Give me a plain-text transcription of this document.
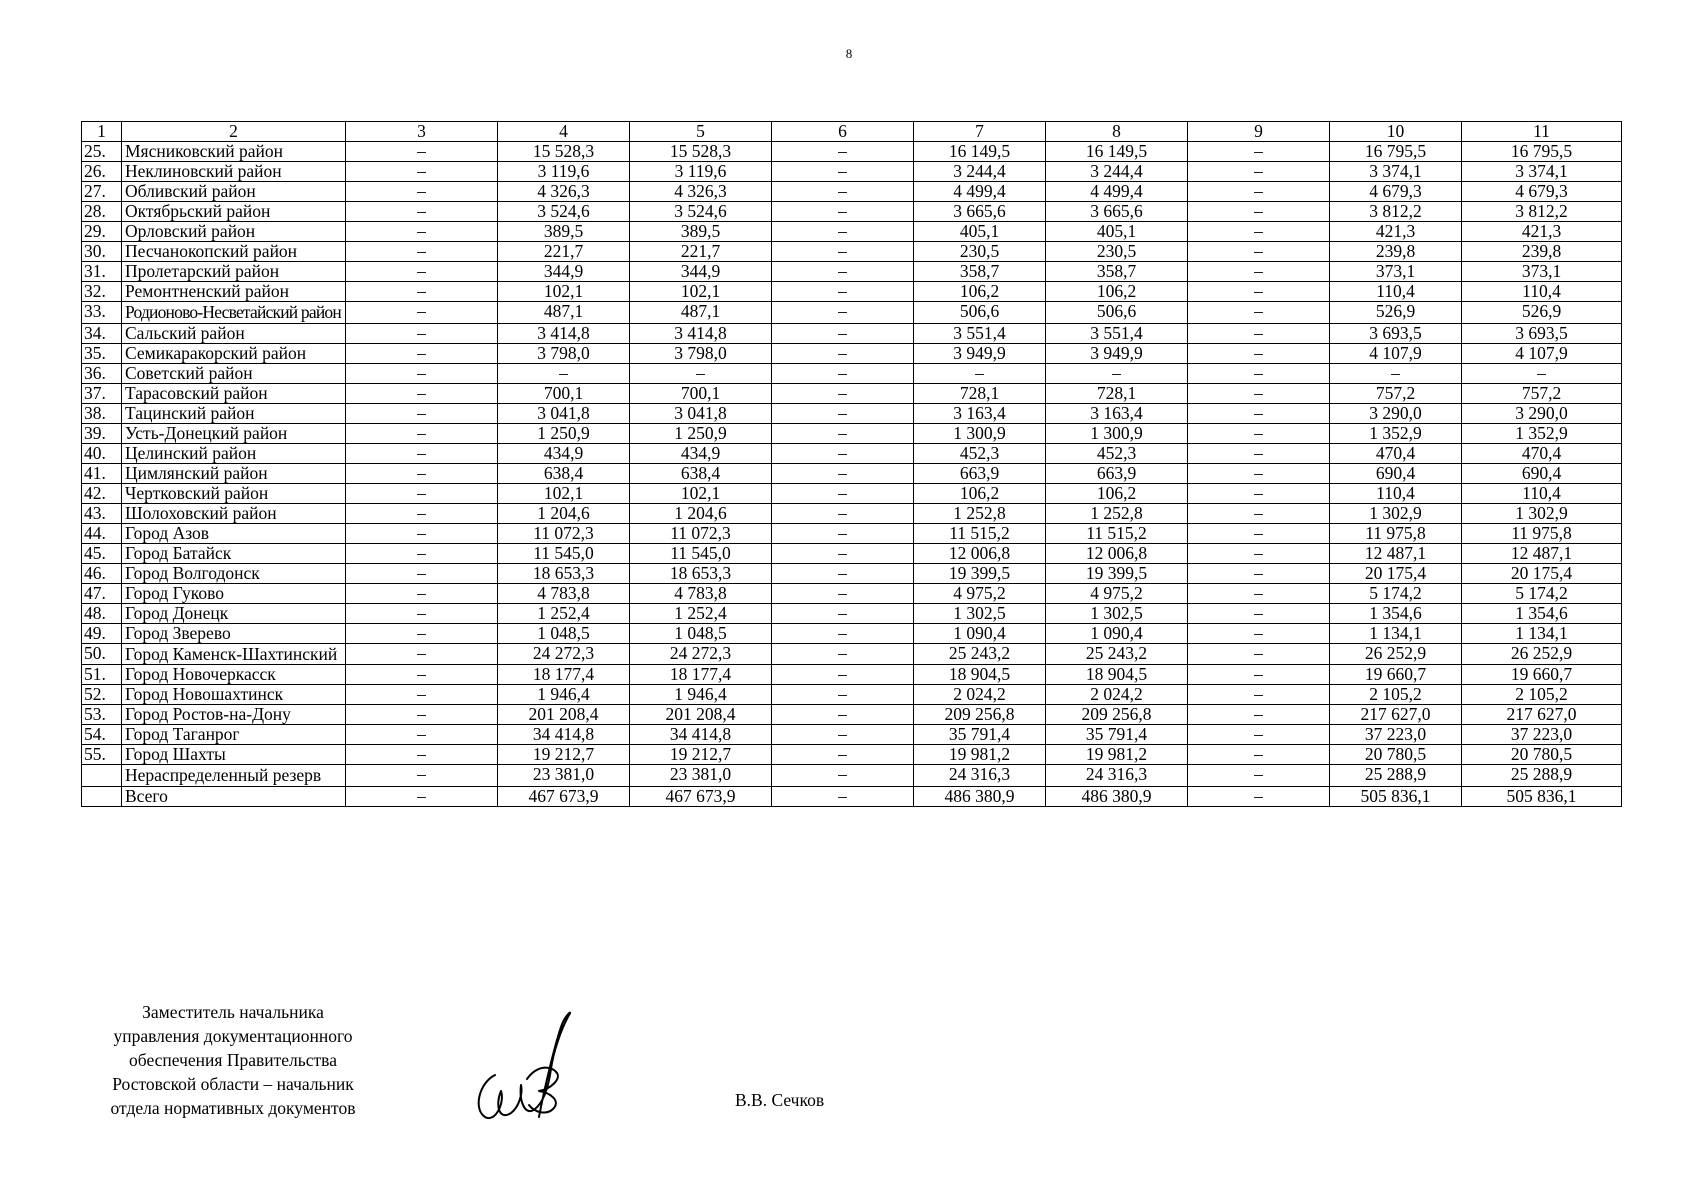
8
1	2	3	4	5	6	7	8	9	10	11
25.	Мясниковский район	–	15 528,3	15 528,3	–	16 149,5	16 149,5	–	16 795,5	16 795,5
26.	Неклиновский район	–	3 119,6	3 119,6	–	3 244,4	3 244,4	–	3 374,1	3 374,1
27.	Обливский район	–	4 326,3	4 326,3	–	4 499,4	4 499,4	–	4 679,3	4 679,3
28.	Октябрьский район	–	3 524,6	3 524,6	–	3 665,6	3 665,6	–	3 812,2	3 812,2
29.	Орловский район	–	389,5	389,5	–	405,1	405,1	–	421,3	421,3
30.	Песчанокопский район	–	221,7	221,7	–	230,5	230,5	–	239,8	239,8
31.	Пролетарский район	–	344,9	344,9	–	358,7	358,7	–	373,1	373,1
32.	Ремонтненский район	–	102,1	102,1	–	106,2	106,2	–	110,4	110,4
33.	Родионово-Несветайский район	–	487,1	487,1	–	506,6	506,6	–	526,9	526,9
34.	Сальский район	–	3 414,8	3 414,8	–	3 551,4	3 551,4	–	3 693,5	3 693,5
35.	Семикаракорский район	–	3 798,0	3 798,0	–	3 949,9	3 949,9	–	4 107,9	4 107,9
36.	Советский район	–	–	–	–	–	–	–	–	–
37.	Тарасовский район	–	700,1	700,1	–	728,1	728,1	–	757,2	757,2
38.	Тацинский район	–	3 041,8	3 041,8	–	3 163,4	3 163,4	–	3 290,0	3 290,0
39.	Усть-Донецкий район	–	1 250,9	1 250,9	–	1 300,9	1 300,9	–	1 352,9	1 352,9
40.	Целинский район	–	434,9	434,9	–	452,3	452,3	–	470,4	470,4
41.	Цимлянский район	–	638,4	638,4	–	663,9	663,9	–	690,4	690,4
42.	Чертковский район	–	102,1	102,1	–	106,2	106,2	–	110,4	110,4
43.	Шолоховский район	–	1 204,6	1 204,6	–	1 252,8	1 252,8	–	1 302,9	1 302,9
44.	Город Азов	–	11 072,3	11 072,3	–	11 515,2	11 515,2	–	11 975,8	11 975,8
45.	Город Батайск	–	11 545,0	11 545,0	–	12 006,8	12 006,8	–	12 487,1	12 487,1
46.	Город Волгодонск	–	18 653,3	18 653,3	–	19 399,5	19 399,5	–	20 175,4	20 175,4
47.	Город Гуково	–	4 783,8	4 783,8	–	4 975,2	4 975,2	–	5 174,2	5 174,2
48.	Город Донецк	–	1 252,4	1 252,4	–	1 302,5	1 302,5	–	1 354,6	1 354,6
49.	Город Зверево	–	1 048,5	1 048,5	–	1 090,4	1 090,4	–	1 134,1	1 134,1
50.	Город Каменск-Шахтинский	–	24 272,3	24 272,3	–	25 243,2	25 243,2	–	26 252,9	26 252,9
51.	Город Новочеркасск	–	18 177,4	18 177,4	–	18 904,5	18 904,5	–	19 660,7	19 660,7
52.	Город Новошахтинск	–	1 946,4	1 946,4	–	2 024,2	2 024,2	–	2 105,2	2 105,2
53.	Город Ростов-на-Дону	–	201 208,4	201 208,4	–	209 256,8	209 256,8	–	217 627,0	217 627,0
54.	Город Таганрог	–	34 414,8	34 414,8	–	35 791,4	35 791,4	–	37 223,0	37 223,0
55.	Город Шахты	–	19 212,7	19 212,7	–	19 981,2	19 981,2	–	20 780,5	20 780,5
	Нераспределенный резерв	–	23 381,0	23 381,0	–	24 316,3	24 316,3	–	25 288,9	25 288,9
	Всего	–	467 673,9	467 673,9	–	486 380,9	486 380,9	–	505 836,1	505 836,1
Заместитель начальника
управления документационного
обеспечения Правительства
Ростовской области – начальник
отдела нормативных документов	В.В. Сечков
